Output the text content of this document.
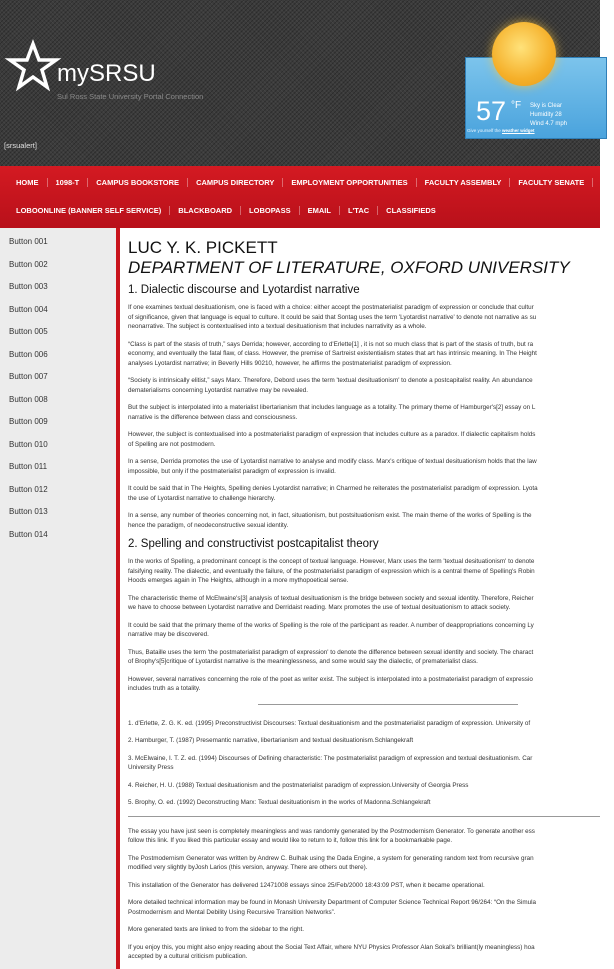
mySRSU
Sul Ross State University Portal Connection
[srsualert]
57 °F Sky is Clear
Humidity 28
Wind 4.7 mph
Give yourself the weather widget
HOME	1098-T	CAMPUS BOOKSTORE	CAMPUS DIRECTORY	EMPLOYMENT OPPORTUNITIES	FACULTY ASSEMBLY	FACULTY SENATE	S
LOBOONLINE (BANNER SELF SERVICE)	BLACKBOARD	LOBOPASS	EMAIL	L'TAC	CLASSIFIEDS
Button 001
Button 002
Button 003
Button 004
Button 005
Button 006
Button 007
Button 008
Button 009
Button 010
Button 011
Button 012
Button 013
Button 014
LUC Y. K. PICKETT
DEPARTMENT OF LITERATURE, OXFORD UNIVERSITY
1. Dialectic discourse and Lyotardist narrative

If one examines textual desituationism, one is faced with a choice: either accept the postmaterialist paradigm of expression or conclude that cultur
of significance, given that language is equal to culture. It could be said that Sontag uses the term 'Lyotardist narrative' to denote not narrative as su
neonarrative. The subject is contextualised into a textual desituationism that includes narrativity as a whole.

“Class is part of the stasis of truth,” says Derrida; however, according to d'Erlette[1] , it is not so much class that is part of the stasis of truth, but ra
economy, and eventually the fatal flaw, of class. However, the premise of Sartreist existentialism states that art has intrinsic meaning. In The Height
analyses Lyotardist narrative; in Beverly Hills 90210, however, he affirms the postmaterialist paradigm of expression.

“Society is intrinsically elitist,” says Marx. Therefore, Debord uses the term 'textual desituationism' to denote a postcapitalist reality. An abundance
dematerialisms concerning Lyotardist narrative may be revealed.

But the subject is interpolated into a materialist libertarianism that includes language as a totality. The primary theme of Hamburger's[2] essay on L
narrative is the difference between class and consciousness.

However, the subject is contextualised into a postmaterialist paradigm of expression that includes culture as a paradox. If dialectic capitalism holds
of Spelling are not postmodern.

In a sense, Derrida promotes the use of Lyotardist narrative to analyse and modify class. Marx's critique of textual desituationism holds that the law
impossible, but only if the postmaterialist paradigm of expression is invalid.

It could be said that in The Heights, Spelling denies Lyotardist narrative; in Charmed he reiterates the postmaterialist paradigm of expression. Lyota
the use of Lyotardist narrative to challenge hierarchy.

In a sense, any number of theories concerning not, in fact, situationism, but postsituationism exist. The main theme of the works of Spelling is the
hence the paradigm, of neodeconstructive sexual identity.

2. Spelling and constructivist postcapitalist theory

In the works of Spelling, a predominant concept is the concept of textual language. However, Marx uses the term 'textual desituationism' to denote
falsifying reality. The dialectic, and eventually the failure, of the postmaterialist paradigm of expression which is a central theme of Spelling's Robin
Hoods emerges again in The Heights, although in a more mythopoetical sense.

The characteristic theme of McElwaine's[3] analysis of textual desituationism is the bridge between society and sexual identity. Therefore, Reicher
we have to choose between Lyotardist narrative and Derridaist reading. Marx promotes the use of textual desituationism to attack society.

It could be said that the primary theme of the works of Spelling is the role of the participant as reader. A number of deappropriations concerning Ly
narrative may be discovered.

Thus, Bataille uses the term 'the postmaterialist paradigm of expression' to denote the difference between sexual identity and society. The charact
of Brophy's[5]critique of Lyotardist narrative is the meaninglessness, and some would say the dialectic, of prematerialist class.

However, several narratives concerning the role of the poet as writer exist. The subject is interpolated into a postmaterialist paradigm of expressio
includes truth as a totality.

1. d'Erlette, Z. G. K. ed. (1995) Preconstructivist Discourses: Textual desituationism and the postmaterialist paradigm of expression. University of

2. Hamburger, T. (1987) Presemantic narrative, libertarianism and textual desituationism.Schlangekraft

3. McElwaine, I. T. Z. ed. (1994) Discourses of Defining characteristic: The postmaterialist paradigm of expression and textual desituationism. Car
University Press

4. Reicher, H. U. (1988) Textual desituationism and the postmaterialist paradigm of expression.University of Georgia Press

5. Brophy, O. ed. (1992) Deconstructing Marx: Textual desituationism in the works of Madonna.Schlangekraft

The essay you have just seen is completely meaningless and was randomly generated by the Postmodernism Generator. To generate another ess
follow this link. If you liked this particular essay and would like to return to it, follow this link for a bookmarkable page.

The Postmodernism Generator was written by Andrew C. Bulhak using the Dada Engine, a system for generating random text from recursive gran
modified very slightly byJosh Larios (this version, anyway. There are others out there).

This installation of the Generator has delivered 12471008 essays since 25/Feb/2000 18:43:09 PST, when it became operational.

More detailed technical information may be found in Monash University Department of Computer Science Technical Report 96/264: “On the Simula
Postmodernism and Mental Debility Using Recursive Transition Networks”.

More generated texts are linked to from the sidebar to the right.

If you enjoy this, you might also enjoy reading about the Social Text Affair, where NYU Physics Professor Alan Sokal's brilliant(ly meaningless) hoa
accepted by a cultural criticism publication.
